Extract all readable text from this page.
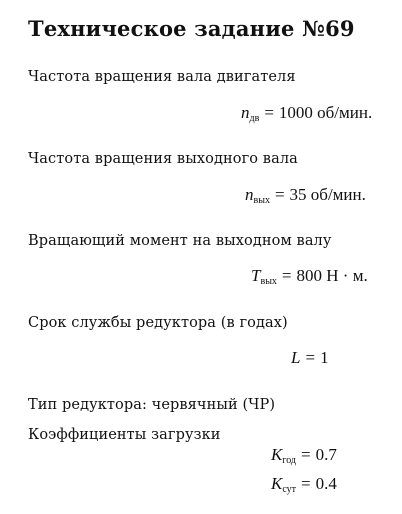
Техническое задание №69
Частота вращения вала двигателя
$n_{дв} = 1000$ об/мин.
Частота вращения выходного вала
$n_{вых} = 35$ об/мин.
Вращающий момент на выходном валу
$T_{вых} = 800$ Н · м.
Срок службы редуктора (в годах)
L = 1
Тип редуктора: червячный (ЧР)
Коэффициенты загрузки
$K_{год} = 0.7$
$K_{сут} = 0.4$
